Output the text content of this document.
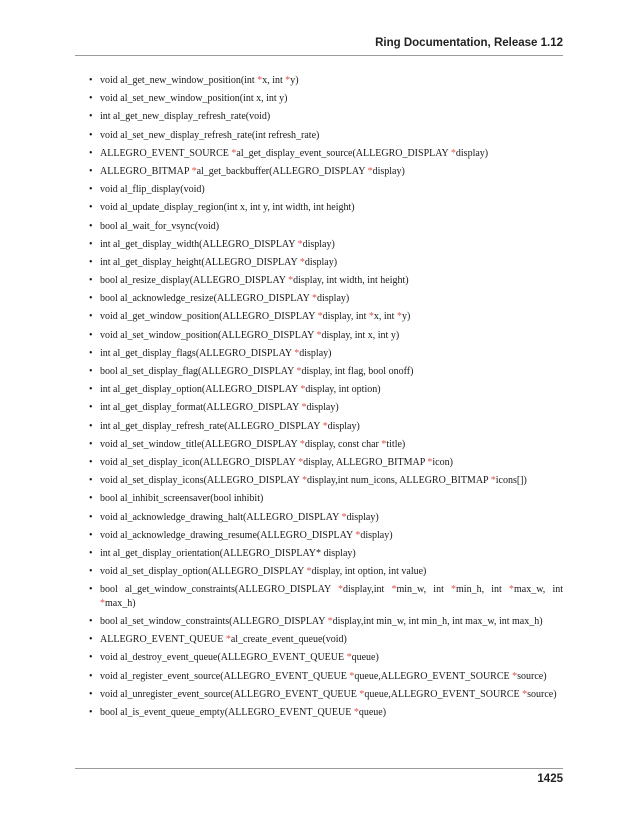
Ring Documentation, Release 1.12
• void al_get_new_window_position(int *x, int *y)
• void al_set_new_window_position(int x, int y)
• int al_get_new_display_refresh_rate(void)
• void al_set_new_display_refresh_rate(int refresh_rate)
• ALLEGRO_EVENT_SOURCE *al_get_display_event_source(ALLEGRO_DISPLAY *display)
• ALLEGRO_BITMAP *al_get_backbuffer(ALLEGRO_DISPLAY *display)
• void al_flip_display(void)
• void al_update_display_region(int x, int y, int width, int height)
• bool al_wait_for_vsync(void)
• int al_get_display_width(ALLEGRO_DISPLAY *display)
• int al_get_display_height(ALLEGRO_DISPLAY *display)
• bool al_resize_display(ALLEGRO_DISPLAY *display, int width, int height)
• bool al_acknowledge_resize(ALLEGRO_DISPLAY *display)
• void al_get_window_position(ALLEGRO_DISPLAY *display, int *x, int *y)
• void al_set_window_position(ALLEGRO_DISPLAY *display, int x, int y)
• int al_get_display_flags(ALLEGRO_DISPLAY *display)
• bool al_set_display_flag(ALLEGRO_DISPLAY *display, int flag, bool onoff)
• int al_get_display_option(ALLEGRO_DISPLAY *display, int option)
• int al_get_display_format(ALLEGRO_DISPLAY *display)
• int al_get_display_refresh_rate(ALLEGRO_DISPLAY *display)
• void al_set_window_title(ALLEGRO_DISPLAY *display, const char *title)
• void al_set_display_icon(ALLEGRO_DISPLAY *display, ALLEGRO_BITMAP *icon)
• void al_set_display_icons(ALLEGRO_DISPLAY *display,int num_icons, ALLEGRO_BITMAP *icons[])
• bool al_inhibit_screensaver(bool inhibit)
• void al_acknowledge_drawing_halt(ALLEGRO_DISPLAY *display)
• void al_acknowledge_drawing_resume(ALLEGRO_DISPLAY *display)
• int al_get_display_orientation(ALLEGRO_DISPLAY* display)
• void al_set_display_option(ALLEGRO_DISPLAY *display, int option, int value)
• bool al_get_window_constraints(ALLEGRO_DISPLAY *display,int *min_w, int *min_h, int *max_w, int *max_h)
• bool al_set_window_constraints(ALLEGRO_DISPLAY *display,int min_w, int min_h, int max_w, int max_h)
• ALLEGRO_EVENT_QUEUE *al_create_event_queue(void)
• void al_destroy_event_queue(ALLEGRO_EVENT_QUEUE *queue)
• void al_register_event_source(ALLEGRO_EVENT_QUEUE *queue,ALLEGRO_EVENT_SOURCE *source)
• void al_unregister_event_source(ALLEGRO_EVENT_QUEUE *queue,ALLEGRO_EVENT_SOURCE *source)
• bool al_is_event_queue_empty(ALLEGRO_EVENT_QUEUE *queue)
1425
